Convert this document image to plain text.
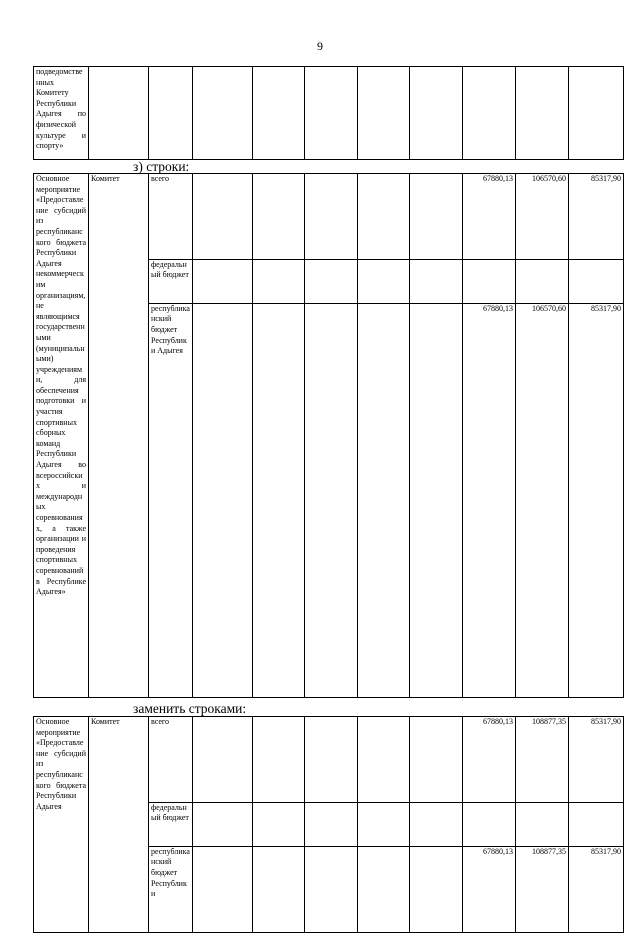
9
подведомственных Комитету Республики Адыгея по физической культуре и спорту»										
з) строки:
Основное мероприятие «Предоставление субсидий из республиканского бюджета Республики Адыгея некоммерческим организациям, не являющимся государственными (муниципальными) учреждениями, для обеспечения подготовки и участия спортивных сборных команд Республики Адыгея во всероссийских и международных соревнованиях, а также организации и проведения спортивных соревнований в Республике Адыгея»	Комитет	всего						67880,13	106570,60	85317,90	
		федеральный бюджет									
		республиканский бюджет Республики Адыгея						67880,13	106570,60	85317,90	
заменить строками:
Основное мероприятие «Предоставление субсидий из республиканского бюджета Республики Адыгея	Комитет	всего						67880,13	108877,35	85317,90	
		федеральный бюджет									
		республиканский бюджет Республики						67880,13	108877,35	85317,90	
